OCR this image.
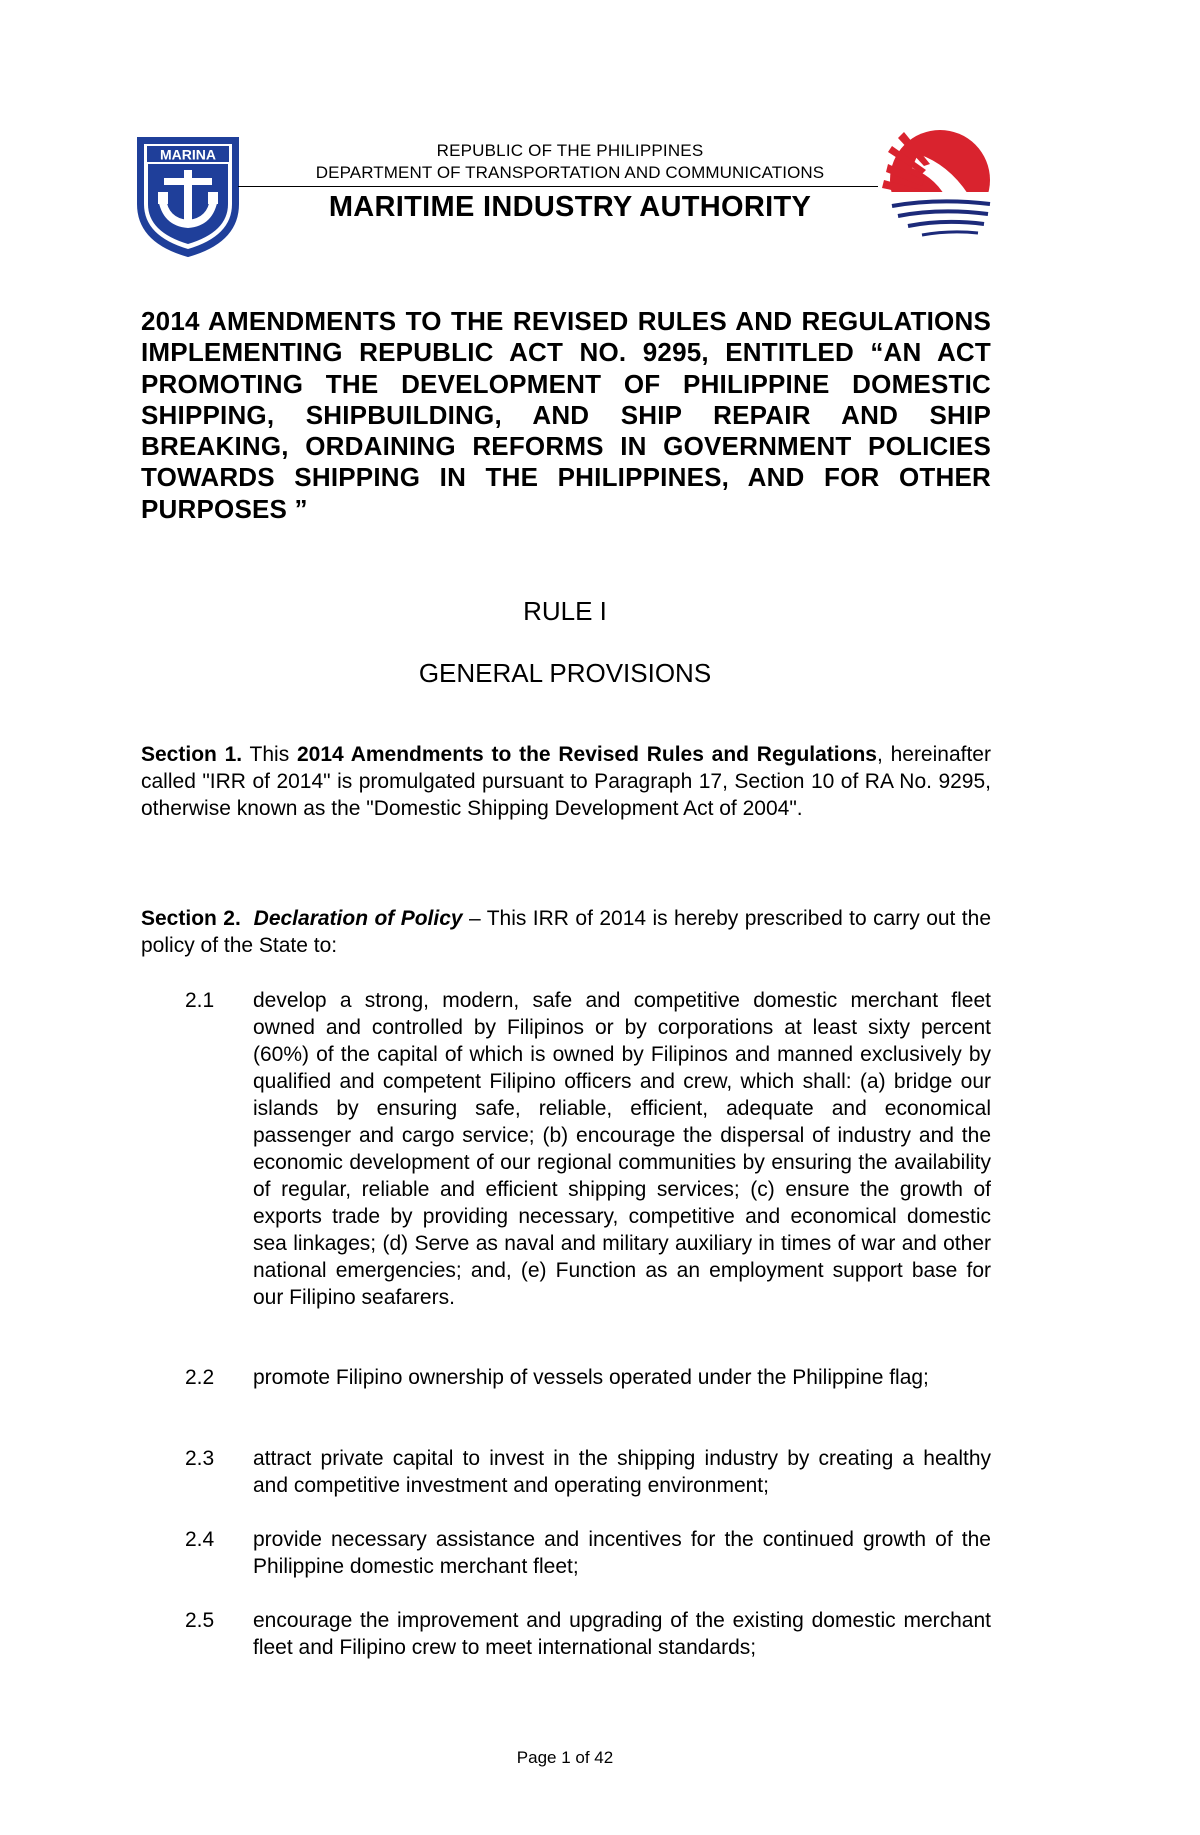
MARINA	REPUBLIC OF THE PHILIPPINES
DEPARTMENT OF TRANSPORTATION AND COMMUNICATIONS
MARITIME INDUSTRY AUTHORITY
2014 AMENDMENTS TO THE REVISED RULES AND REGULATIONS IMPLEMENTING REPUBLIC ACT NO. 9295, ENTITLED “AN ACT PROMOTING THE DEVELOPMENT OF PHILIPPINE DOMESTIC SHIPPING, SHIPBUILDING, AND SHIP REPAIR AND SHIP BREAKING, ORDAINING REFORMS IN GOVERNMENT POLICIES TOWARDS SHIPPING IN THE PHILIPPINES, AND FOR OTHER PURPOSES ”
RULE I
GENERAL PROVISIONS
Section 1. This 2014 Amendments to the Revised Rules and Regulations, hereinafter called "IRR of 2014" is promulgated pursuant to Paragraph 17, Section 10 of RA No. 9295, otherwise known as the "Domestic Shipping Development Act of 2004".
Section 2. Declaration of Policy – This IRR of 2014 is hereby prescribed to carry out the policy of the State to:
2.1	develop a strong, modern, safe and competitive domestic merchant fleet owned and controlled by Filipinos or by corporations at least sixty percent (60%) of the capital of which is owned by Filipinos and manned exclusively by qualified and competent Filipino officers and crew, which shall: (a) bridge our islands by ensuring safe, reliable, efficient, adequate and economical passenger and cargo service; (b) encourage the dispersal of industry and the economic development of our regional communities by ensuring the availability of regular, reliable and efficient shipping services; (c) ensure the growth of exports trade by providing necessary, competitive and economical domestic sea linkages; (d) Serve as naval and military auxiliary in times of war and other national emergencies; and, (e) Function as an employment support base for our Filipino seafarers.
2.2	promote Filipino ownership of vessels operated under the Philippine flag;
2.3	attract private capital to invest in the shipping industry by creating a healthy and competitive investment and operating environment;
2.4	provide necessary assistance and incentives for the continued growth of the Philippine domestic merchant fleet;
2.5	encourage the improvement and upgrading of the existing domestic merchant fleet and Filipino crew to meet international standards;
Page 1 of 42
